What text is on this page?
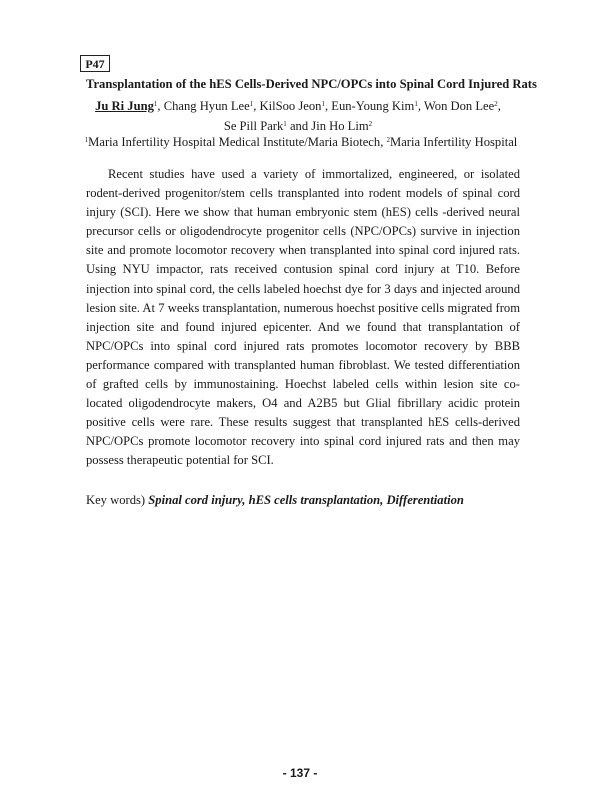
P47
Transplantation of the hES Cells-Derived NPC/OPCs into Spinal Cord Injured Rats
Ju Ri Jung$^1$, Chang Hyun Lee$^1$, KilSoo Jeon$^1$, Eun-Young Kim$^1$, Won Don Lee$^2$,
Se Pill Park$^1$ and Jin Ho Lim$^2$
$^1$Maria Infertility Hospital Medical Institute/Maria Biotech, $^2$Maria Infertility Hospital

Recent studies have used a variety of immortalized, engineered, or isolated rodent-derived progenitor/stem cells transplanted into rodent models of spinal cord injury (SCI). Here we show that human embryonic stem (hES) cells -derived neural precursor cells or oligodendrocyte progenitor cells (NPC/OPCs) survive in injection site and promote locomotor recovery when transplanted into spinal cord injured rats. Using NYU impactor, rats received contusion spinal cord injury at T10. Before injection into spinal cord, the cells labeled hoechst dye for 3 days and injected around lesion site. At 7 weeks transplantation, numerous hoechst positive cells migrated from injection site and found injured epicenter. And we found that transplantation of NPC/OPCs into spinal cord injured rats promotes locomotor recovery by BBB performance compared with transplanted human fibroblast. We tested differentiation of grafted cells by immunostaining. Hoechst labeled cells within lesion site co-located oligodendrocyte makers, O4 and A2B5 but Glial fibrillary acidic protein positive cells were rare. These results suggest that transplanted hES cells-derived NPC/OPCs promote locomotor recovery into spinal cord injured rats and then may possess therapeutic potential for SCI.

Key words) Spinal cord injury, hES cells transplantation, Differentiation
- 137 -
